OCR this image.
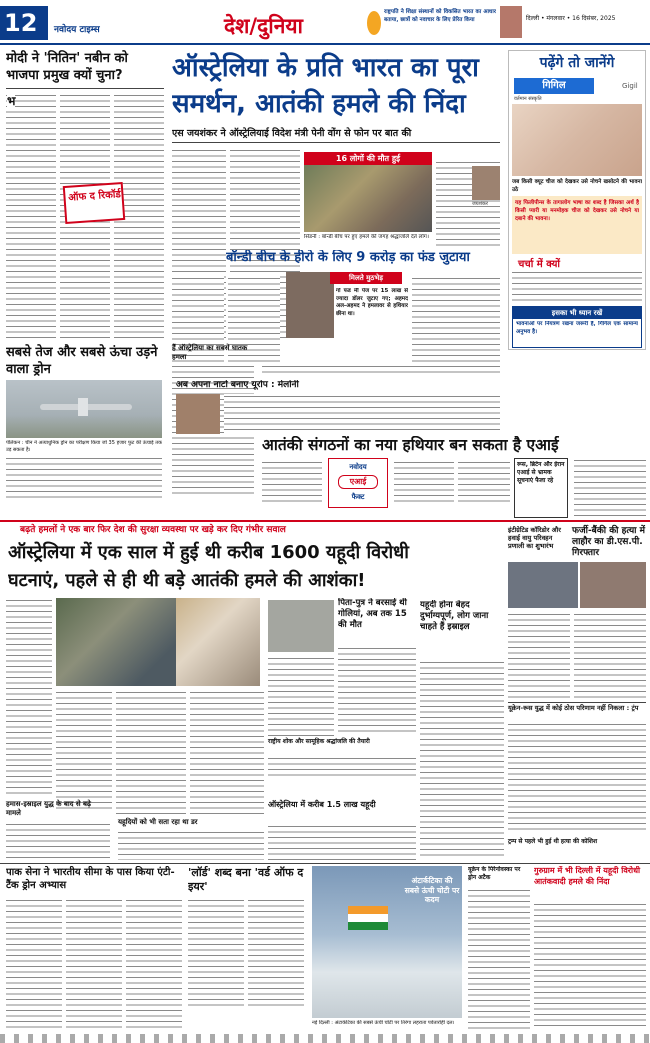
12 नवोदय टाइम्स	देश/दुनिया
राष्ट्रपति ने शिक्षा संस्थानों को विकसित भारत का आधार बताया, छात्रों को नवाचार के लिए प्रेरित किया	दिल्ली • मंगलवार • 16 दिसंबर, 2025
मोदी ने 'नितिन' नबीन को भाजपा प्रमुख क्यों चुना?
भ
ऑफ द रिकॉर्ड
ऑस्ट्रेलिया के प्रति भारत का पूरा
समर्थन, आतंकी हमले की निंदा
एस जयशंकर ने ऑस्ट्रेलियाई विदेश मंत्री पेनी वोंग से फोन पर बात की
16 लोगों की मौत हुई
सिडनी : बॉन्डी बीच पर हुए हमले की जगह श्रद्धांजलि देते लोग।
जयशंकर
बॉन्डी बीच के हीरो के लिए 9 करोड़ का फंड जुटाया
मिलते मुठभेड़
गो फंड मी पेज पर 15 लाख से ज्यादा डॉलर जुटाए गए; अहमद अल-अहमद ने हमलावर से हथियार छीना था।
सबसे तेज और सबसे ऊंचा उड़ने वाला ड्रोन
पेलिकन : चीन ने अत्याधुनिक ड्रोन का परीक्षण किया जो 35 हजार फुट की ऊंचाई तक उड़ सकता है।
हैं ऑस्ट्रेलिया का सबसे घातक हमला
अब अपना नाटो बनाए यूरोप : मेलोनी
आतंकी संगठनों का नया हथियार बन सकता है एआई
नवोदय
एआई
फैक्ट
रूस, ब्रिटेन और ईरान एआई से भ्रामक सूचनाएं फैला रहे
पढ़ेंगे तो जानेंगे
गिगिल	Gigil
वर्तमान संस्कृति
जब किसी क्यूट चीज को देखकर उसे नोचने खसोटने की भावना उठे
यह फिलीपीन्स के तागालोग भाषा का शब्द है जिसका अर्थ है किसी प्यारी या मनमोहक चीज को देखकर उसे नोचने या दबाने की भावना।
चर्चा में क्यों
इसका भी ध्यान रखें
भावनाओं पर नियंत्रण रखना जरूरी है, गिगिल एक सामान्य अनुभव है।
बढ़ते हमलों ने एक बार फिर देश की सुरक्षा व्यवस्था पर खड़े कर दिए गंभीर सवाल
ऑस्ट्रेलिया में एक साल में हुई थी करीब 1600 यहूदी विरोधी
घटनाएं, पहले से ही थी बड़े आतंकी हमले की आशंका!
इंटीग्रेटिड कॉरिडोर और हवाई वायु परिवहन प्रणाली का शुभारंभ
फर्जी-बैंकी की हत्या में लाहौर का डी.एस.पी. गिरफ्तार
यूक्रेन-रूस युद्ध में कोई ठोस परिणाम नहीं निकला : ट्रंप
ट्रम्प से पहले भी हुई थी हत्या की कोशिश
हमास-इस्राइल युद्ध के बाद से बढ़े मामले
यहूदियों को भी सता रहा था डर
पिता-पुत्र ने बरसाई थी गोलियां, अब तक 15 की मौत
राष्ट्रीय शोक और सामूहिक श्रद्धांजलि की तैयारी
ऑस्ट्रेलिया में करीब 1.5 लाख यहूदी
यहूदी होना बेहद दुर्भाग्यपूर्ण, लोग जाना चाहते हैं इस्राइल
पाक सेना ने भारतीय सीमा के पास किया एंटी-टैंक ड्रोन अभ्यास
'लॉर्ड' शब्द बना 'वर्ड ऑफ द इयर'	अंटार्कटिका की सबसे ऊंची चोटी पर कदम
नई दिल्ली : अंटार्कटिका की सबसे ऊंची चोटी पर तिरंगा लहराता पर्वतारोही दल।
यूक्रेन के पिरेनोवस्का पर ड्रोन अटैक
गुरुग्राम में भी दिल्ली में यहूदी विरोधी आतंकवादी हमले की निंदा
